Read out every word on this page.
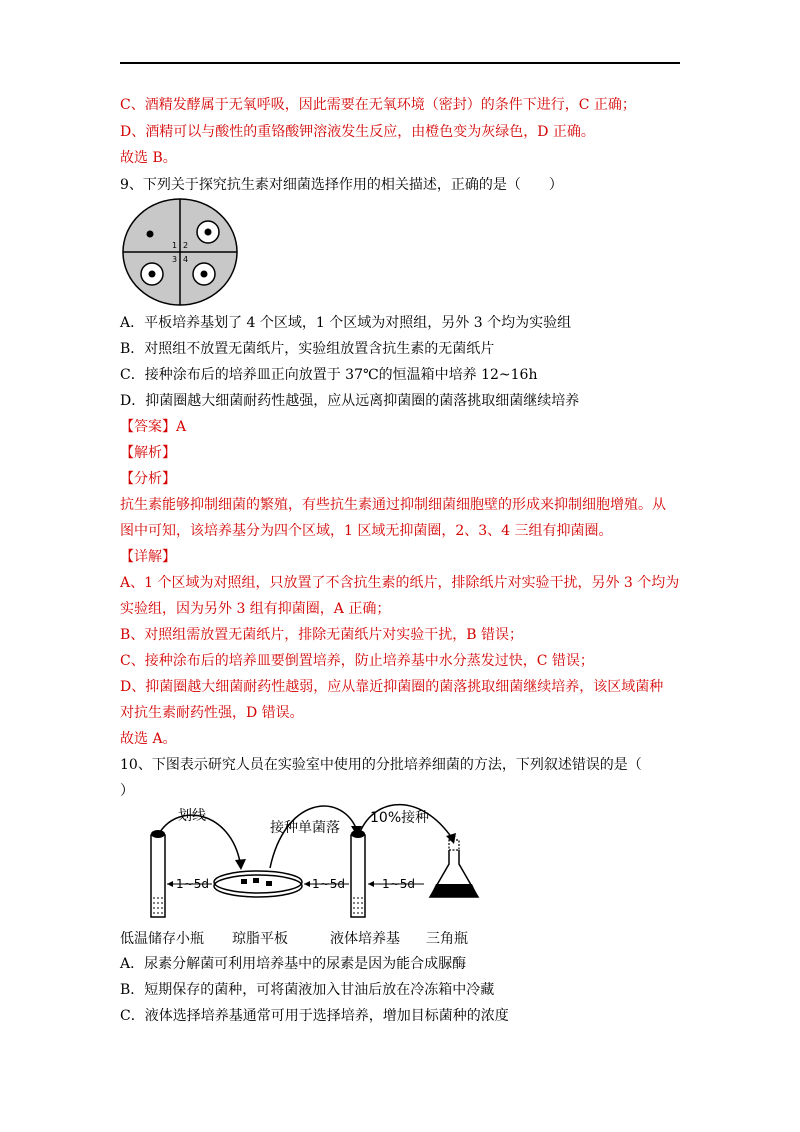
C、酒精发酵属于无氧呼吸，因此需要在无氧环境（密封）的条件下进行，C 正确；
D、酒精可以与酸性的重铬酸钾溶液发生反应，由橙色变为灰绿色，D 正确。
故选 B。
9、下列关于探究抗生素对细菌选择作用的相关描述，正确的是（　　）
1 2
3 4
A．平板培养基划了 4 个区域，1 个区域为对照组，另外 3 个均为实验组
B．对照组不放置无菌纸片，实验组放置含抗生素的无菌纸片
C．接种涂布后的培养皿正向放置于 37℃的恒温箱中培养 12~16h
D．抑菌圈越大细菌耐药性越强，应从远离抑菌圈的菌落挑取细菌继续培养
【答案】A
【解析】
【分析】
抗生素能够抑制细菌的繁殖，有些抗生素通过抑制细菌细胞壁的形成来抑制细胞增殖。从
图中可知，该培养基分为四个区域，1 区域无抑菌圈，2、3、4 三组有抑菌圈。
【详解】
A、1 个区域为对照组，只放置了不含抗生素的纸片，排除纸片对实验干扰，另外 3 个均为
实验组，因为另外 3 组有抑菌圈，A 正确；
B、对照组需放置无菌纸片，排除无菌纸片对实验干扰，B 错误；
C、接种涂布后的培养皿要倒置培养，防止培养基中水分蒸发过快，C 错误；
D、抑菌圈越大细菌耐药性越弱，应从靠近抑菌圈的菌落挑取细菌继续培养，该区域菌种
对抗生素耐药性强，D 错误。
故选 A。
10、下图表示研究人员在实验室中使用的分批培养细菌的方法，下列叙述错误的是（
）
划线
接种单菌落
10%接种
1~5d	1~5d	1~5d
低温储存小瓶 琼脂平板	液体培养基 三角瓶
A．尿素分解菌可利用培养基中的尿素是因为能合成脲酶
B．短期保存的菌种，可将菌液加入甘油后放在冷冻箱中冷藏
C．液体选择培养基通常可用于选择培养，增加目标菌种的浓度
